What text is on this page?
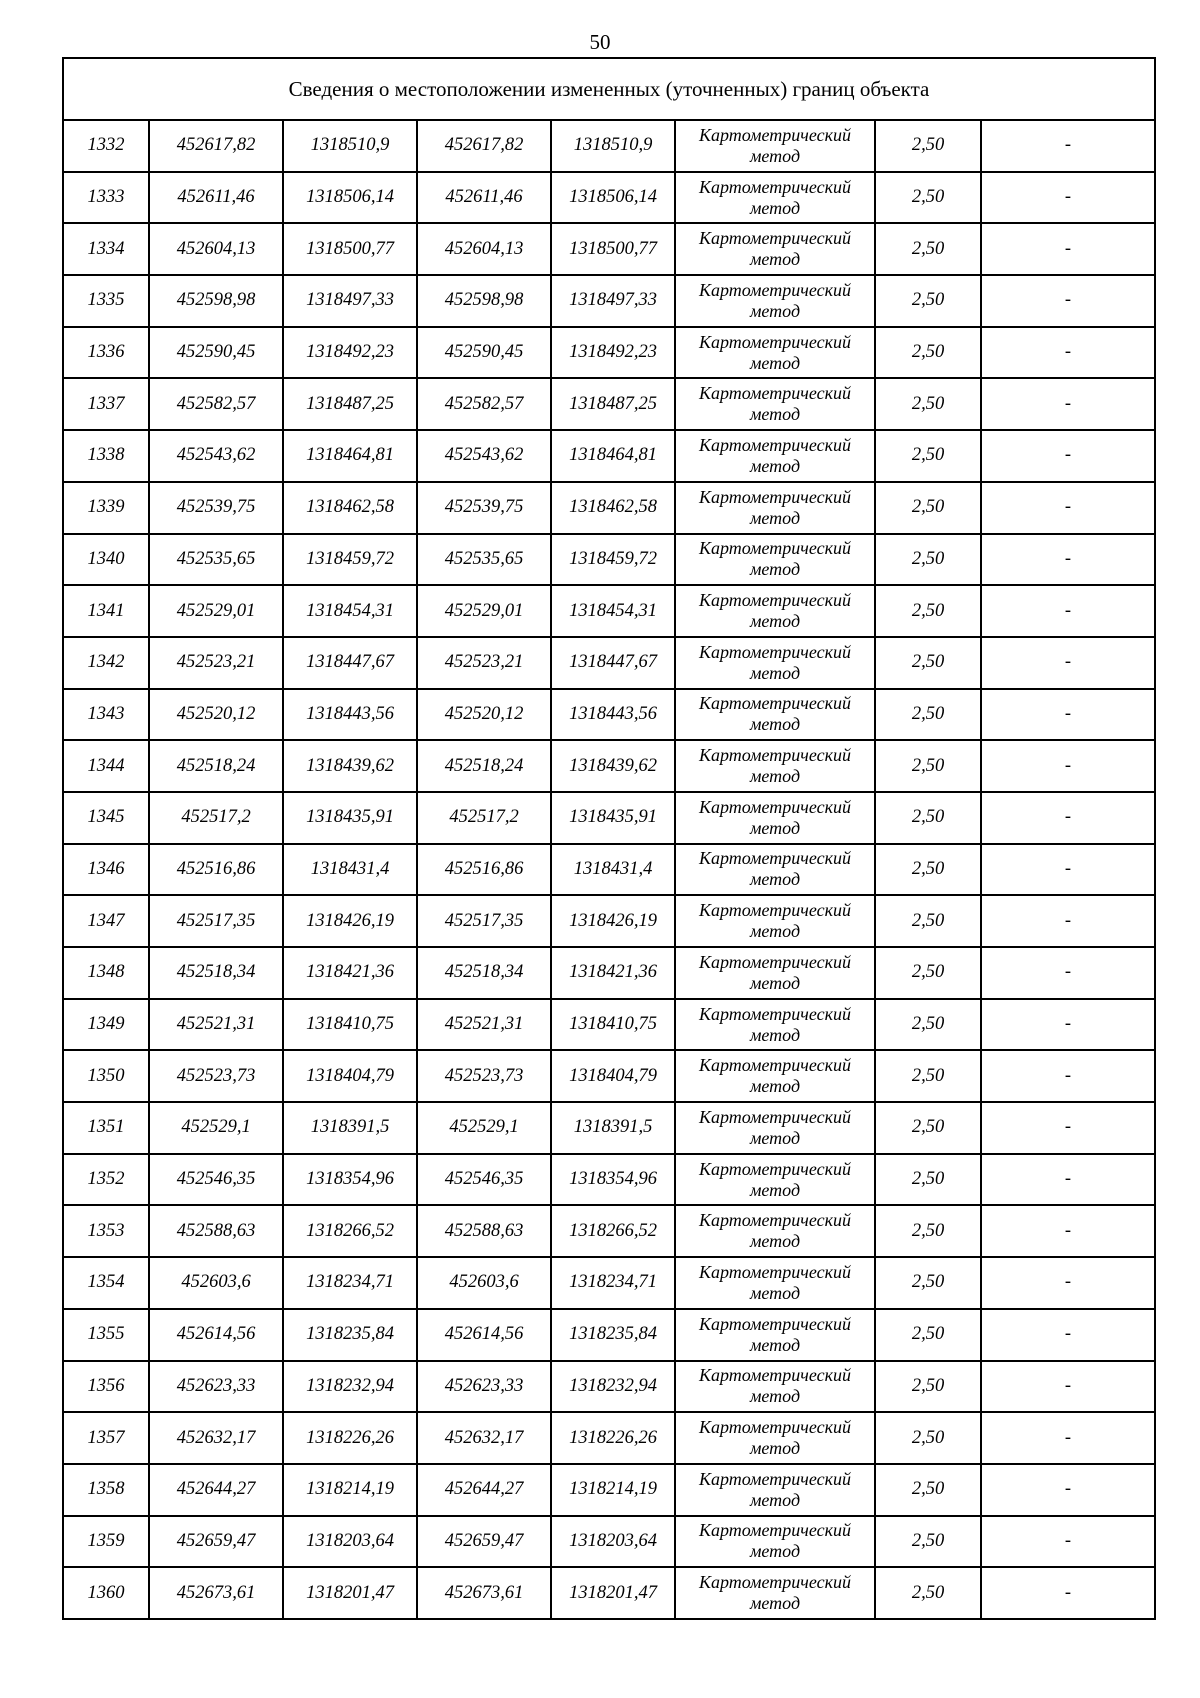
50
Сведения о местоположении измененных (уточненных) границ объекта							
1332	452617,82	1318510,9	452617,82	1318510,9	Картометрический метод	2,50	-
1333	452611,46	1318506,14	452611,46	1318506,14	Картометрический метод	2,50	-
1334	452604,13	1318500,77	452604,13	1318500,77	Картометрический метод	2,50	-
1335	452598,98	1318497,33	452598,98	1318497,33	Картометрический метод	2,50	-
1336	452590,45	1318492,23	452590,45	1318492,23	Картометрический метод	2,50	-
1337	452582,57	1318487,25	452582,57	1318487,25	Картометрический метод	2,50	-
1338	452543,62	1318464,81	452543,62	1318464,81	Картометрический метод	2,50	-
1339	452539,75	1318462,58	452539,75	1318462,58	Картометрический метод	2,50	-
1340	452535,65	1318459,72	452535,65	1318459,72	Картометрический метод	2,50	-
1341	452529,01	1318454,31	452529,01	1318454,31	Картометрический метод	2,50	-
1342	452523,21	1318447,67	452523,21	1318447,67	Картометрический метод	2,50	-
1343	452520,12	1318443,56	452520,12	1318443,56	Картометрический метод	2,50	-
1344	452518,24	1318439,62	452518,24	1318439,62	Картометрический метод	2,50	-
1345	452517,2	1318435,91	452517,2	1318435,91	Картометрический метод	2,50	-
1346	452516,86	1318431,4	452516,86	1318431,4	Картометрический метод	2,50	-
1347	452517,35	1318426,19	452517,35	1318426,19	Картометрический метод	2,50	-
1348	452518,34	1318421,36	452518,34	1318421,36	Картометрический метод	2,50	-
1349	452521,31	1318410,75	452521,31	1318410,75	Картометрический метод	2,50	-
1350	452523,73	1318404,79	452523,73	1318404,79	Картометрический метод	2,50	-
1351	452529,1	1318391,5	452529,1	1318391,5	Картометрический метод	2,50	-
1352	452546,35	1318354,96	452546,35	1318354,96	Картометрический метод	2,50	-
1353	452588,63	1318266,52	452588,63	1318266,52	Картометрический метод	2,50	-
1354	452603,6	1318234,71	452603,6	1318234,71	Картометрический метод	2,50	-
1355	452614,56	1318235,84	452614,56	1318235,84	Картометрический метод	2,50	-
1356	452623,33	1318232,94	452623,33	1318232,94	Картометрический метод	2,50	-
1357	452632,17	1318226,26	452632,17	1318226,26	Картометрический метод	2,50	-
1358	452644,27	1318214,19	452644,27	1318214,19	Картометрический метод	2,50	-
1359	452659,47	1318203,64	452659,47	1318203,64	Картометрический метод	2,50	-
1360	452673,61	1318201,47	452673,61	1318201,47	Картометрический метод	2,50	-
